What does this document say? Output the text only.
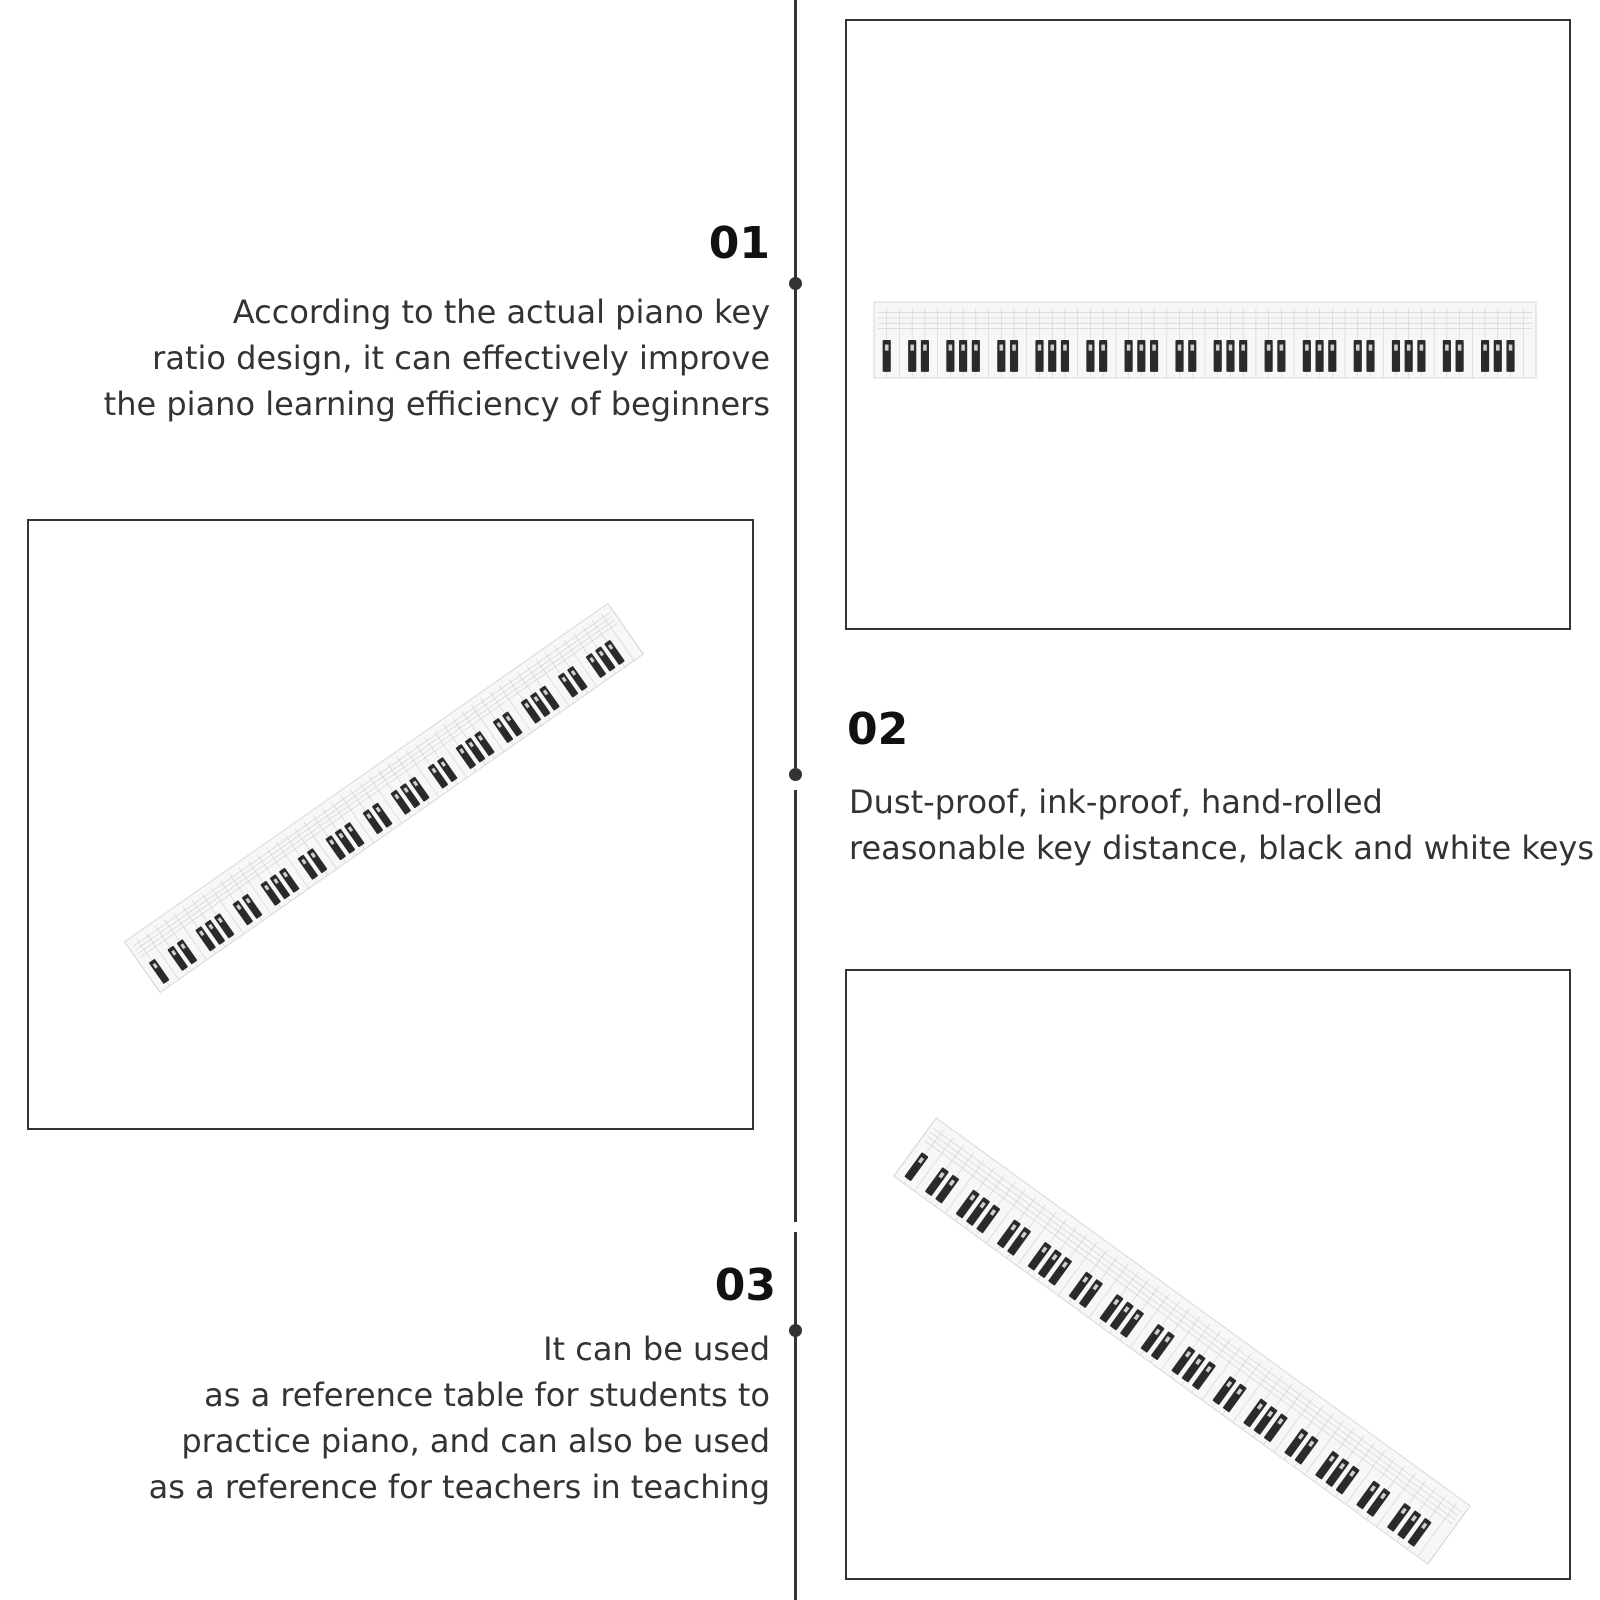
01
According to the actual piano key
ratio design, it can effectively improve
the piano learning efficiency of beginners
02
Dust-proof, ink-proof, hand-rolled
reasonable key distance, black and white keys
03
It can be used
as a reference table for students to
practice piano, and can also be used
as a reference for teachers in teaching
